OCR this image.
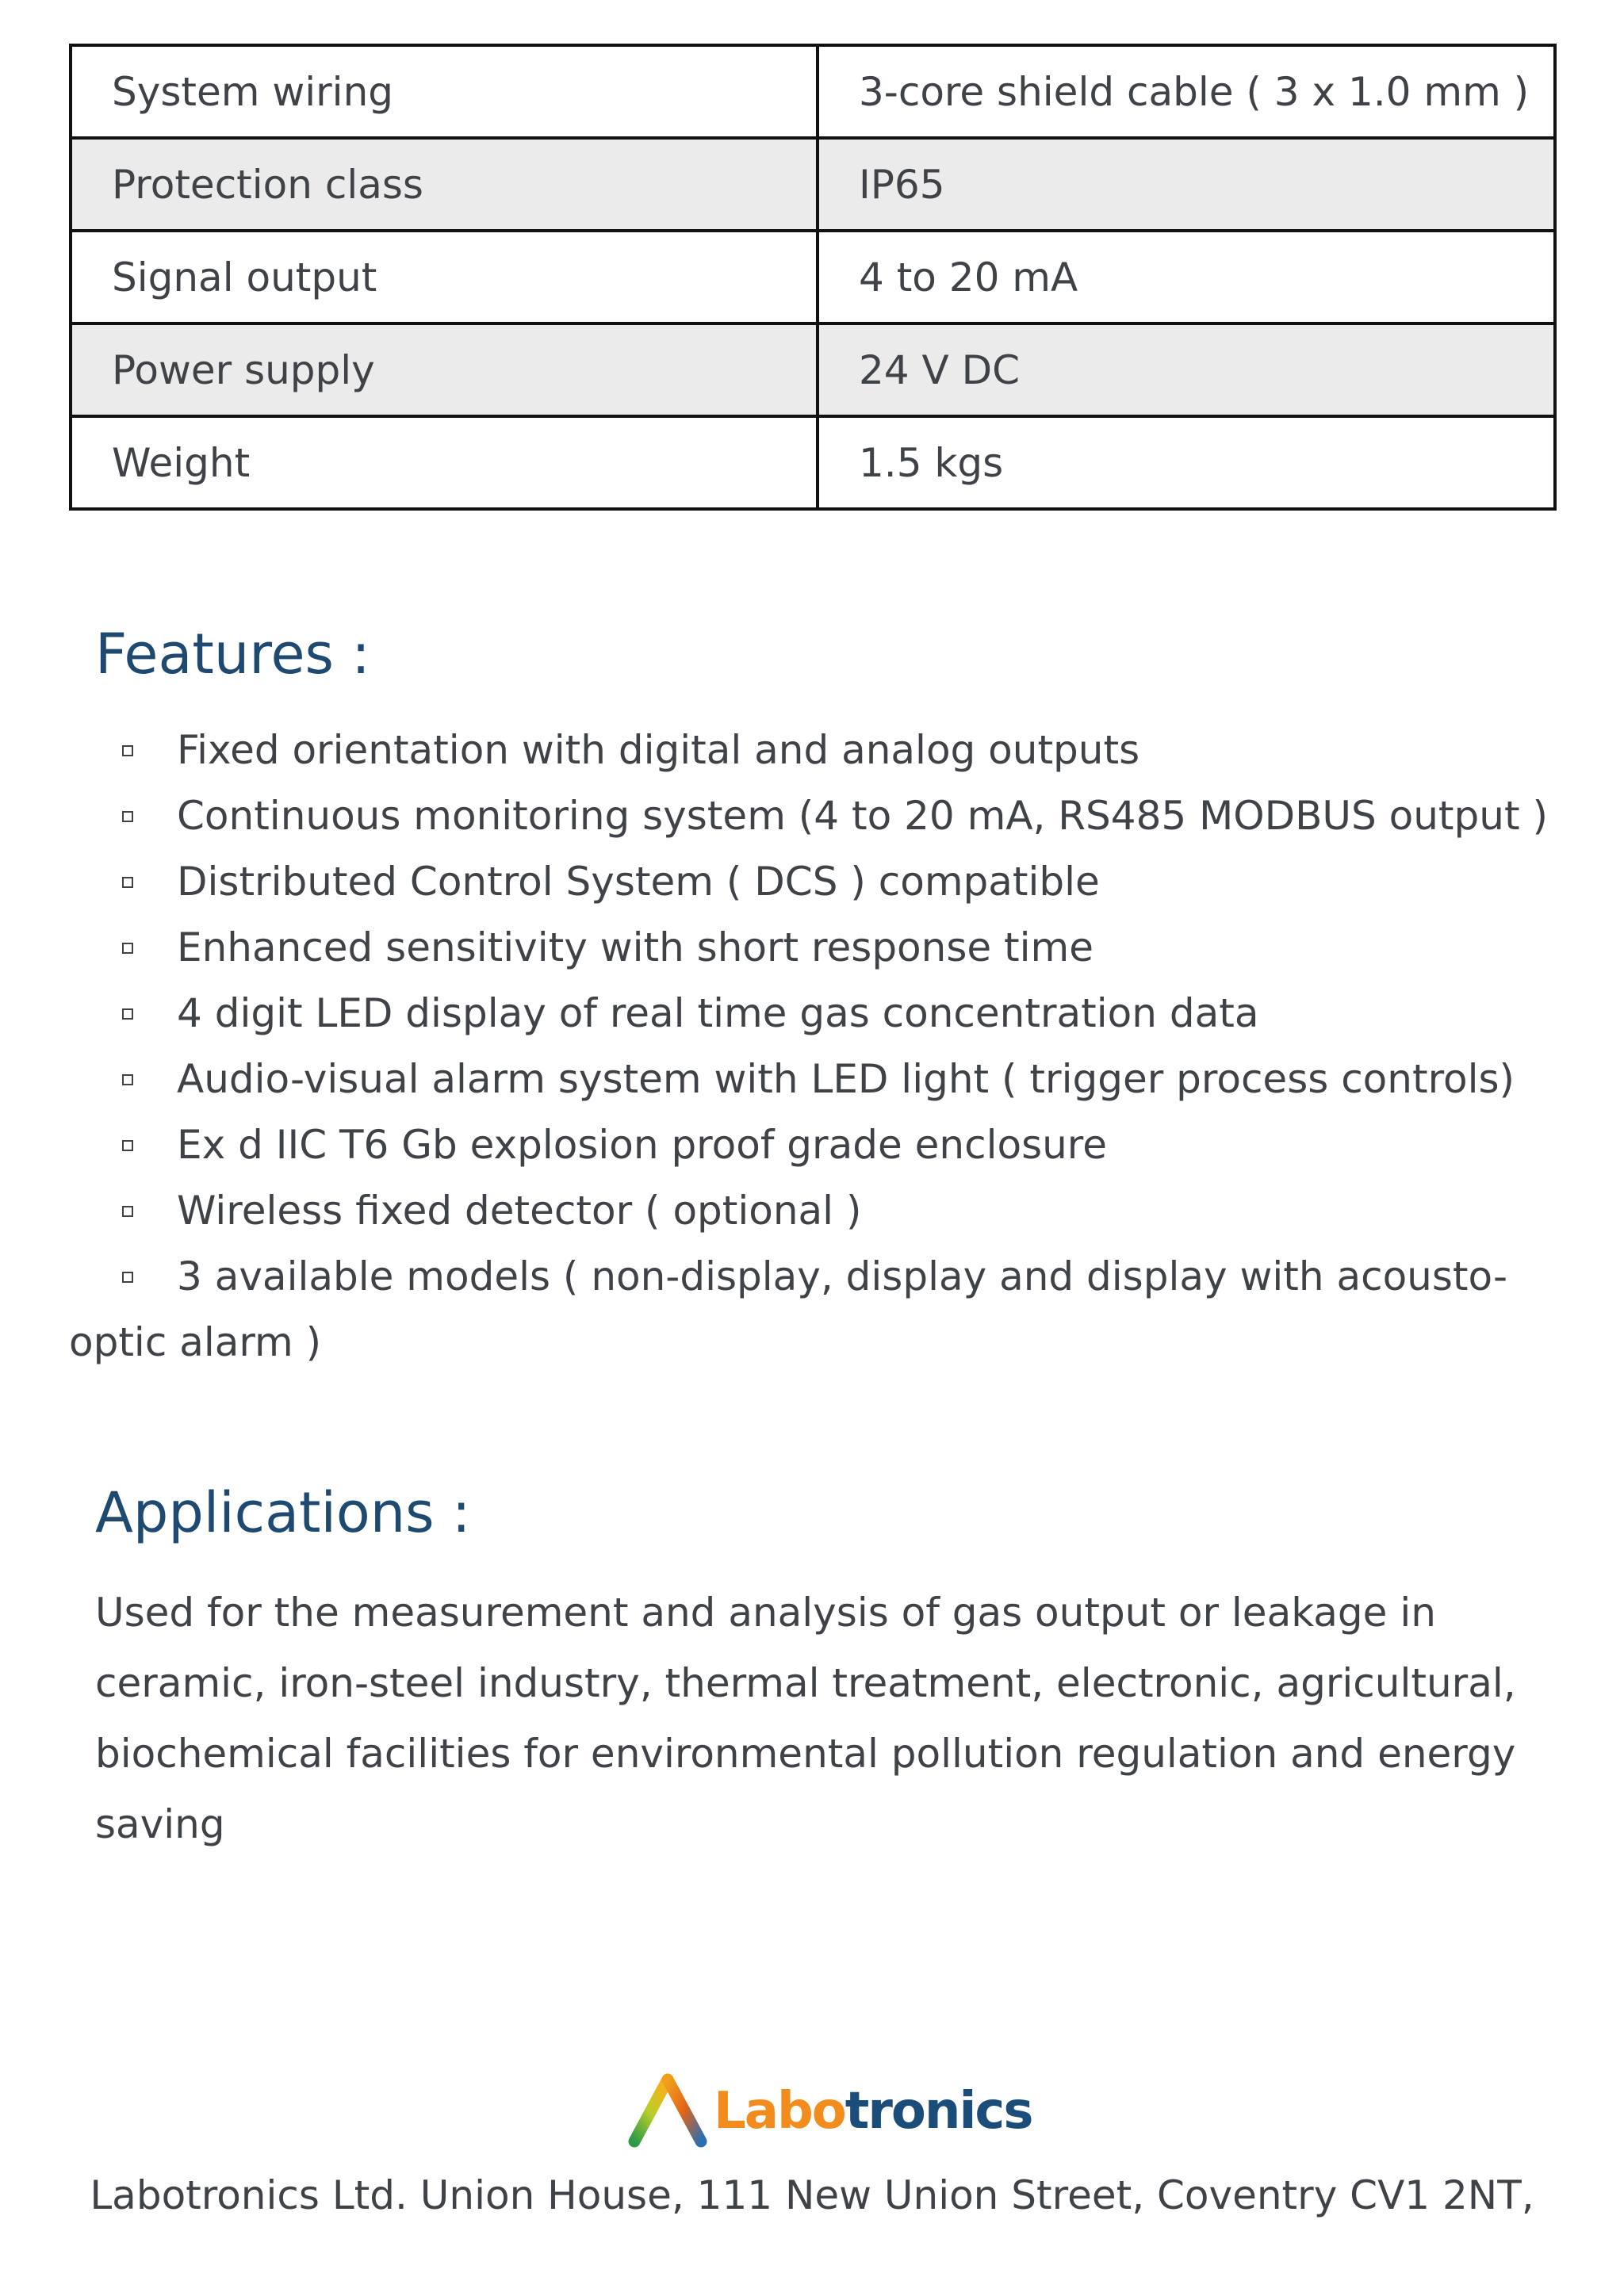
System wiring	3-core shield cable ( 3 x 1.0 mm )
Protection class	IP65
Signal output	4 to 20 mA
Power supply	24 V DC
Weight	1.5 kgs
Features :
Fixed orientation with digital and analog outputs
Continuous monitoring system (4 to 20 mA, RS485 MODBUS output )
Distributed Control System ( DCS ) compatible
Enhanced sensitivity with short response time
4 digit LED display of real time gas concentration data
Audio-visual alarm system with LED light ( trigger process controls)
Ex d IIC T6 Gb explosion proof grade enclosure
Wireless fixed detector ( optional )
3 available models ( non-display, display and display with acousto-optic alarm )
Applications :

Used for the measurement and analysis of gas output or leakage in ceramic, iron-steel industry, thermal treatment, electronic, agricultural, biochemical facilities for environmental pollution regulation and energy saving

Labotronics

Labotronics Ltd. Union House, 111 New Union Street, Coventry CV1 2NT,
